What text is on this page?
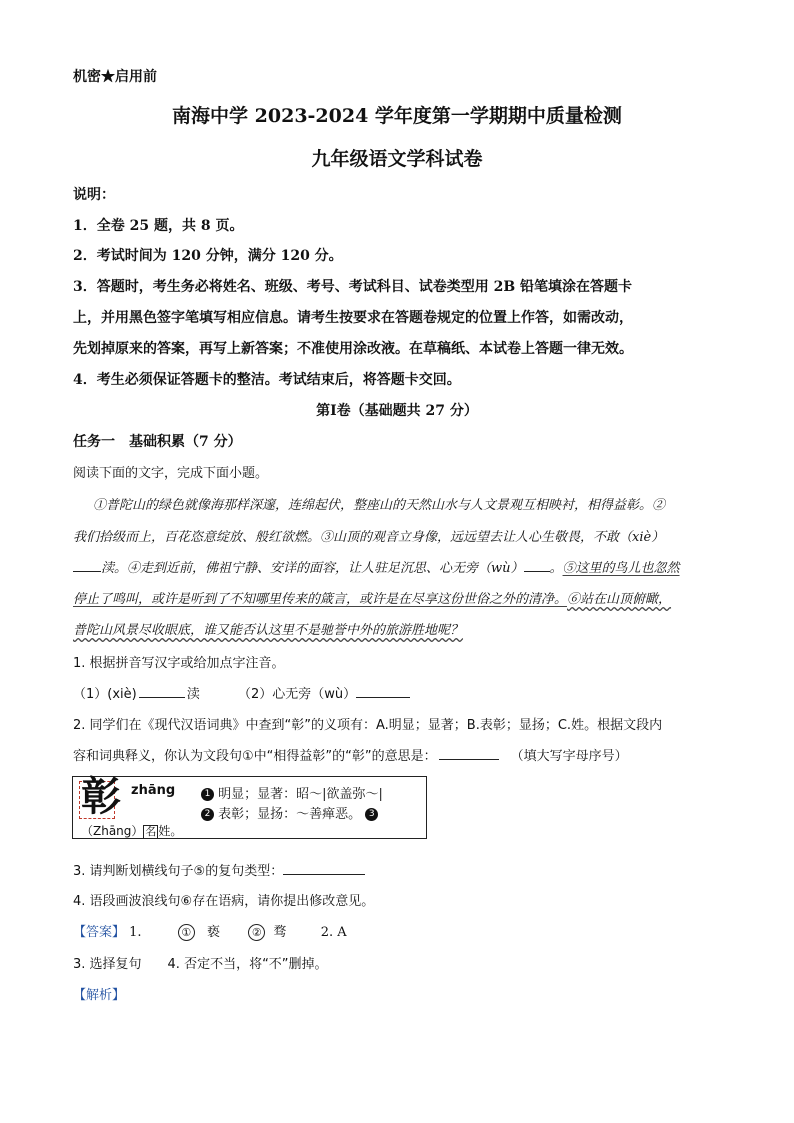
机密★启用前
南海中学 2023-2024 学年度第一学期期中质量检测
九年级语文学科试卷
说明：
1．全卷 25 题，共 8 页。
2．考试时间为 120 分钟，满分 120 分。
3．答题时，考生务必将姓名、班级、考号、考试科目、试卷类型用 2B 铅笔填涂在答题卡
上，并用黑色签字笔填写相应信息。请考生按要求在答题卷规定的位置上作答，如需改动，
先划掉原来的答案，再写上新答案；不准使用涂改液。在草稿纸、本试卷上答题一律无效。
4．考生必须保证答题卡的整洁。考试结束后，将答题卡交回。
第Ⅰ卷（基础题共 27 分）
任务一　基础积累（7 分）
阅读下面的文字，完成下面小题。
①普陀山的绿色就像海那样深邃，连绵起伏，整座山的天然山水与人文景观互相映衬，相得益彰。②
我们拾级而上，百花恣意绽放、般红欲燃。③山顶的观音立身像，远远望去让人心生敬畏，不敢（xiè）
渎。④走到近前，佛祖宁静、安详的面容，让人驻足沉思、心无旁（wù） 。⑤这里的鸟儿也忽然
停止了鸣叫，或许是听到了不知哪里传来的箴言，或许是在尽享这份世俗之外的清净。⑥站在山顶俯瞰，
普陀山风景尽收眼底，谁又能否认这里不是驰誉中外的旅游胜地呢？
1. 根据拼音写汉字或给加点字注音。
（1）(xiè)	渎	（2）心无旁（wù）
2. 同学们在《现代汉语词典》中查到“彰”的义项有：A.明显；显著；B.表彰；显扬；C.姓。根据文段内
容和词典释义，你认为文段句①中“相得益彰”的“彰”的意思是：	（填大写字母序号）
彰 zhāng	1 明显；显著：昭～|欲盖弥～|
2 表彰；显扬：～善瘅恶。 3
（Zhāng） 名 姓。
3. 请判断划横线句子⑤的复句类型：
4. 语段画波浪线句⑥存在语病，请你提出修改意见。
【答案】 1.	① 亵	② 骛	2. A
3. 选择复句　　4. 否定不当，将“不”删掉。
【解析】
